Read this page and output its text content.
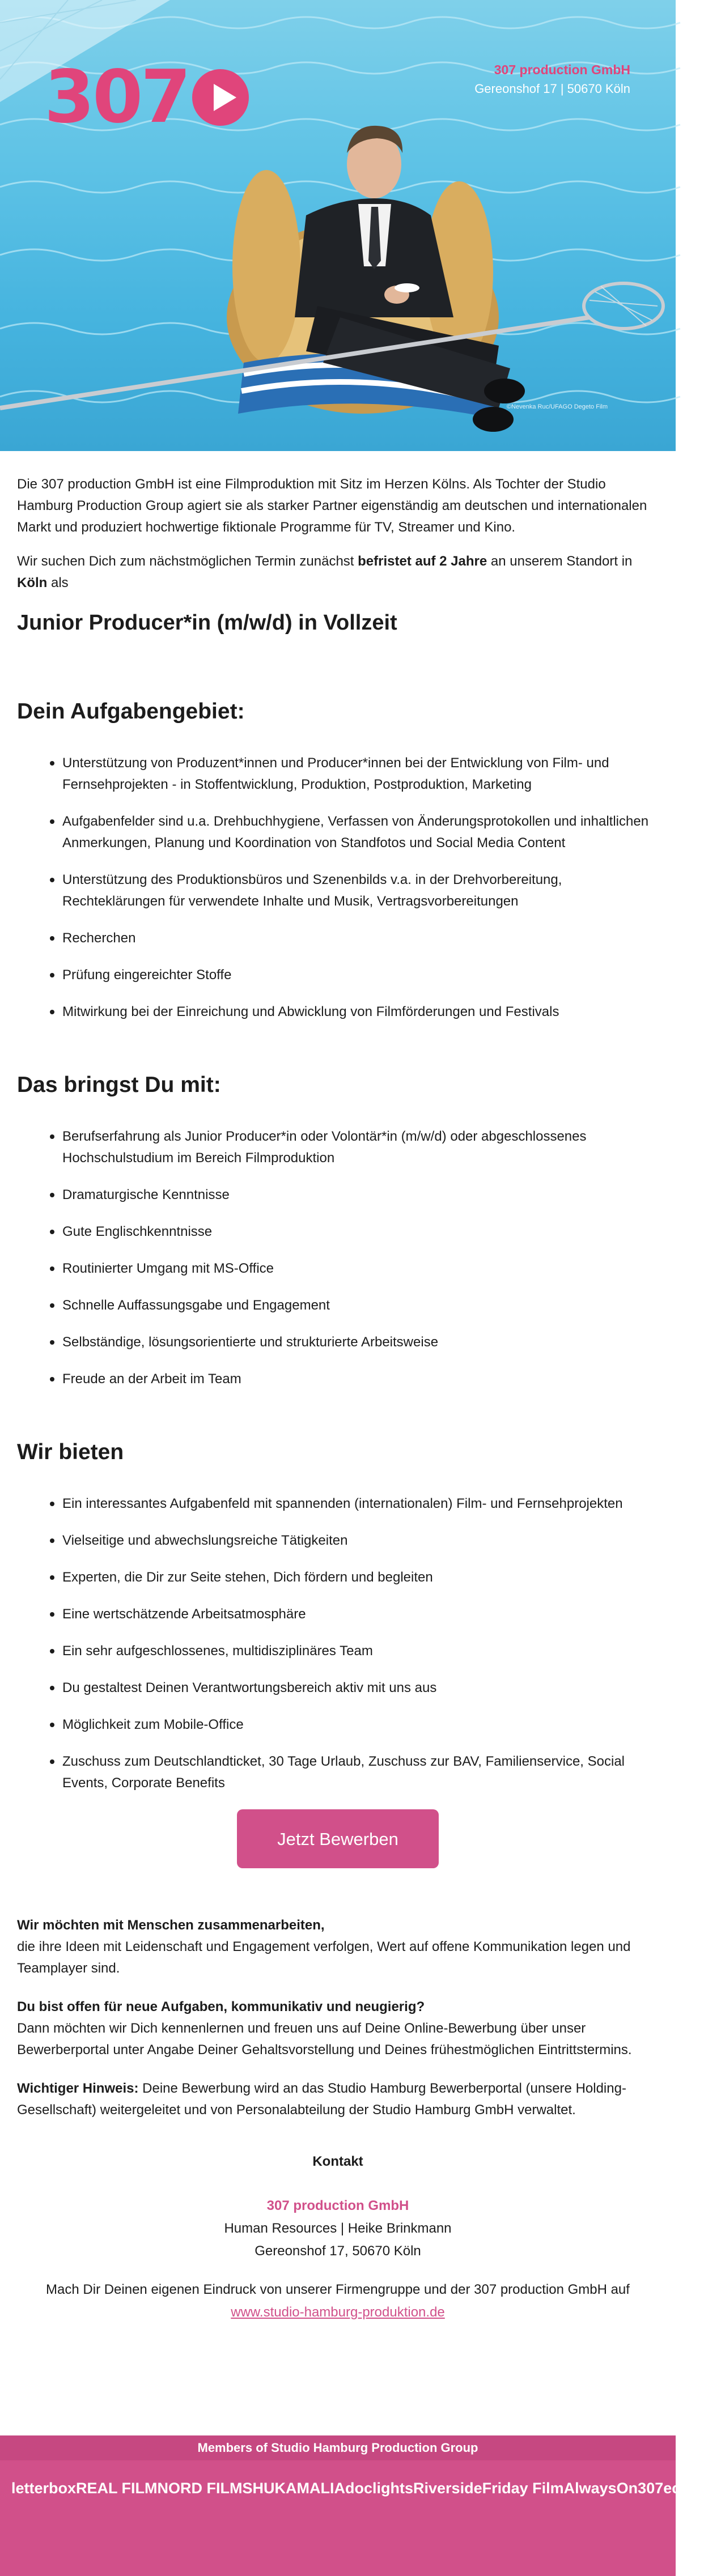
307	307 production GmbH
Gereonshof 17 | 50670 Köln
©Nevenka Ruc/UFAGO Degeto Film

Die 307 production GmbH ist eine Filmproduktion mit Sitz im Herzen Kölns. Als Tochter der Studio Hamburg Production Group agiert sie als starker Partner eigenständig am deutschen und internationalen Markt und produziert hochwertige fiktionale Programme für TV, Streamer und Kino.

Wir suchen Dich zum nächstmöglichen Termin zunächst befristet auf 2 Jahre an unserem Standort in Köln als

Junior Producer*in (m/w/d) in Vollzeit
Dein Aufgabengebiet:
Unterstützung von Produzent*innen und Producer*innen bei der Entwicklung von Film- und Fernsehprojekten - in Stoffentwicklung, Produktion, Postproduktion, Marketing
Aufgabenfelder sind u.a. Drehbuchhygiene, Verfassen von Änderungsprotokollen und inhaltlichen Anmerkungen, Planung und Koordination von Standfotos und Social Media Content
Unterstützung des Produktionsbüros und Szenenbilds v.a. in der Drehvorbereitung, Rechteklärungen für verwendete Inhalte und Musik, Vertragsvorbereitungen
Recherchen
Prüfung eingereichter Stoffe
Mitwirkung bei der Einreichung und Abwicklung von Filmförderungen und Festivals
Das bringst Du mit:
Berufserfahrung als Junior Producer*in oder Volontär*in (m/w/d) oder abgeschlossenes Hochschulstudium im Bereich Filmproduktion
Dramaturgische Kenntnisse
Gute Englischkenntnisse
Routinierter Umgang mit MS-Office
Schnelle Auffassungsgabe und Engagement
Selbständige, lösungsorientierte und strukturierte Arbeitsweise
Freude an der Arbeit im Team
Wir bieten
Ein interessantes Aufgabenfeld mit spannenden (internationalen) Film- und Fernsehprojekten
Vielseitige und abwechslungsreiche Tätigkeiten
Experten, die Dir zur Seite stehen, Dich fördern und begleiten
Eine wertschätzende Arbeitsatmosphäre
Ein sehr aufgeschlossenes, multidisziplinäres Team
Du gestaltest Deinen Verantwortungsbereich aktiv mit uns aus
Möglichkeit zum Mobile-Office
Zuschuss zum Deutschlandticket, 30 Tage Urlaub, Zuschuss zur BAV, Familienservice, Social Events, Corporate Benefits
Jetzt Bewerben

Wir möchten mit Menschen zusammenarbeiten,
die ihre Ideen mit Leidenschaft und Engagement verfolgen, Wert auf offene Kommunikation legen und Teamplayer sind.

Du bist offen für neue Aufgaben, kommunikativ und neugierig?
Dann möchten wir Dich kennenlernen und freuen uns auf Deine Online-Bewerbung über unser Bewerberportal unter Angabe Deiner Gehaltsvorstellung und Deines frühestmöglichen Eintrittstermins.

Wichtiger Hinweis: Deine Bewerbung wird an das Studio Hamburg Bewerberportal (unsere Holding-Gesellschaft) weitergeleitet und von Personalabteilung der Studio Hamburg GmbH verwaltet.

Kontakt
307 production GmbH
Human Resources | Heike Brinkmann
Gereonshof 17, 50670 Köln
Mach Dir Deinen eigenen Eindruck von unserer Firmengruppe und der 307 production GmbH auf
www.studio-hamburg-produktion.de
Members of Studio Hamburg Production Group
letterbox REAL FILM NORD FILM SHUK AMALIA doclights Riverside Friday Film AlwaysOn 307 eco doc
